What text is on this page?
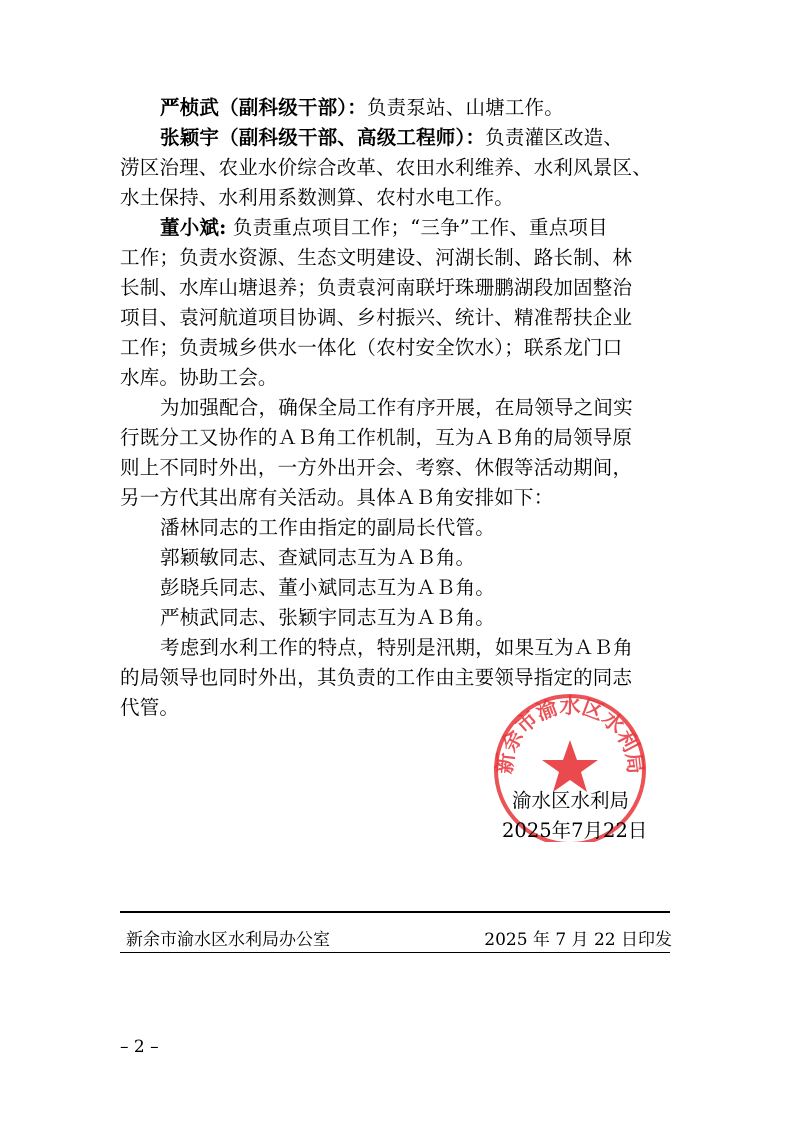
严桢武（副科级干部）：负责泵站、山塘工作。
张颖宇（副科级干部、高级工程师）：负责灌区改造、
涝区治理、农业水价综合改革、农田水利维养、水利风景区、
水土保持、水利用系数测算、农村水电工作。
董小斌: 负责重点项目工作；“三争”工作、重点项目
工作；负责水资源、生态文明建设、河湖长制、路长制、林
长制、水库山塘退养；负责袁河南联圩珠珊鹏湖段加固整治
项目、袁河航道项目协调、乡村振兴、统计、精准帮扶企业
工作；负责城乡供水一体化（农村安全饮水）；联系龙门口
水库。协助工会。
为加强配合，确保全局工作有序开展，在局领导之间实
行既分工又协作的ＡＢ角工作机制，互为ＡＢ角的局领导原
则上不同时外出，一方外出开会、考察、休假等活动期间，
另一方代其出席有关活动。具体ＡＢ角安排如下：
潘林同志的工作由指定的副局长代管。
郭颖敏同志、查斌同志互为ＡＢ角。
彭晓兵同志、董小斌同志互为ＡＢ角。
严桢武同志、张颖宇同志互为ＡＢ角。
考虑到水利工作的特点，特别是汛期，如果互为ＡＢ角
的局领导也同时外出，其负责的工作由主要领导指定的同志
代管。
新余市渝水区水利局
渝水区水利局
2025年7月22日
新余市渝水区水利局办公室	2025 年 7 月 22 日印发
– 2 –
